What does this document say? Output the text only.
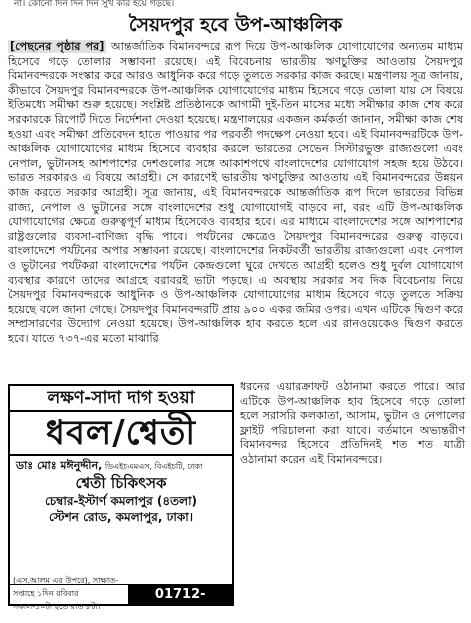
না। কোনো দিন দিন দিন সুখ করি হয়ে গড়ছে।
সৈয়দপুর হবে উপ-আঞ্চলিক
[পেছনের পৃষ্ঠার পর] আন্তর্জাতিক বিমানবন্দরে রূপ দিয়ে উপ-আঞ্চলিক যোগাযোগের অন্যতম মাধ্যম হিসেবে গড়ে তোলার সম্ভাবনা রয়েছে। এই বিবেচনায় ভারতীয় ঋণচুক্তির আওতায় সৈয়দপুর বিমানবন্দরকে সংস্কার করে আরও আধুনিক করে গড়ে তুলতে সরকার কাজ করছে। মন্ত্রণালয় সূত্র জানায়, কীভাবে সৈয়দপুর বিমানবন্দরকে উপ-আঞ্চলিক যোগাযোগের মাধ্যম হিসেবে গড়ে তোলা যায় সে বিষয়ে ইতিমধ্যে সমীক্ষা শুরু হয়েছে। সংশ্লিষ্ট প্রতিষ্ঠানকে আগামী দুই-তিন মাসের মধ্যে সমীক্ষার কাজ শেষ করে সরকারকে রিপোর্ট দিতে নির্দেশনা দেওয়া হয়েছে। মন্ত্রণালয়ের একজন কর্মকর্তা জানান, সমীক্ষা কাজ শেষ হওয়া এবং সমীক্ষা প্রতিবেদন হাতে পাওয়ার পর পরবর্তী পদক্ষেপ নেওয়া হবে। এই বিমানবন্দরটিকে উপ-আঞ্চলিক যোগাযোগের মাধ্যম হিসেবে ব্যবহার করলে ভারতের সেভেন সিস্টারভুক্ত রাজ্যগুলো এবং নেপাল, ভুটানসহ আশপাশের দেশগুলোর সঙ্গে আকাশপথে বাংলাদেশের যোগাযোগ সহজ হয়ে উঠবে। ভারত সরকারও এ বিষয়ে আগ্রহী। সে কারণেই ভারতীয় ঋণচুক্তির আওতায় এই বিমানবন্দরের উন্নয়ন কাজ করতে সরকার আগ্রহী। সূত্র জানায়, এই বিমানবন্দরকে আন্তর্জাতিক রূপ দিলে ভারতের বিভিন্ন রাজ্য, নেপাল ও ভুটানের সঙ্গে বাংলাদেশের শুধু যোগাযোগই বাড়বে না, বরং এটি উপ-আঞ্চলিক যোগাযোগের ক্ষেত্রে গুরুত্বপূর্ণ মাধ্যম হিসেবেও ব্যবহার হবে। এর মাধ্যমে বাংলাদেশের সঙ্গে আশপাশের রাষ্ট্রগুলোর ব্যবসা-বাণিজ্য বৃদ্ধি পাবে। পর্যটনের ক্ষেত্রেও সৈয়দপুর বিমানবন্দরের গুরুত্ব বাড়বে। বাংলাদেশে পর্যটনের অপার সম্ভাবনা রয়েছে। বাংলাদেশের নিকটবর্তী ভারতীয় রাজ্যগুলো এবং নেপাল ও ভুটানের পর্যটকরা বাংলাদেশের পর্যটন কেন্দ্রগুলো ঘুরে দেখতে আগ্রহী হলেও শুধু দুর্বল যোগাযোগ ব্যবস্থার কারণে তাদের আগ্রহে বরাবরই ভাটা পড়ছে। এ অবস্থায় সরকার সব দিক বিবেচনায় নিয়ে সৈয়দপুর বিমানবন্দরকে আধুনিক ও উপ-আঞ্চলিক যোগাযোগের মাধ্যম হিসেবে গড়ে তুলতে সক্রিয় হয়েছে বলে জানা গেছে। সৈয়দপুর বিমানবন্দরটি প্রায় ৯০০ একর জমির ওপর। এখন এটিকে দ্বিগুণ করে সম্প্রসারণের উদ্যোগ নেওয়া হয়েছে। উপ-আঞ্চলিক হাব করতে হলে এর রানওয়েকেও দ্বিগুণ করতে হবে। যাতে ৭৩৭-এর মতো মাঝারি
লক্ষণ-সাদা দাগ হওয়া
ধবল/শ্বেতী
ডাঃ মোঃ মঈনুদ্দীন, ডিএইচএমএস, বিএইচটি, ঢাকা
শ্বেতী চিকিৎসক
চেম্বার-ইস্টার্ণ কমলাপুর (৪তলা)
স্টেশন রোড, কমলাপুর, ঢাকা।
(এস.আলম এর উপরে), সাক্ষাত-সপ্তাহে ১দিন রবিবার
সকাল-১০টা হতে রাত ৮টা।
01712-101667
ধরনের এয়ারক্রাফট ওঠানামা করতে পারে। আর এটিকে উপ-আঞ্চলিক হাব হিসেবে গড়ে তোলা হলে সরাসরি কলকাতা, আসাম, ভুটান ও নেপালের ফ্লাইট পরিচালনা করা যাবে। বর্তমানে অভ্যন্তরীণ বিমানবন্দর হিসেবে প্রতিদিনই শত শত যাত্রী ওঠানামা করেন এই বিমানবন্দরে।
